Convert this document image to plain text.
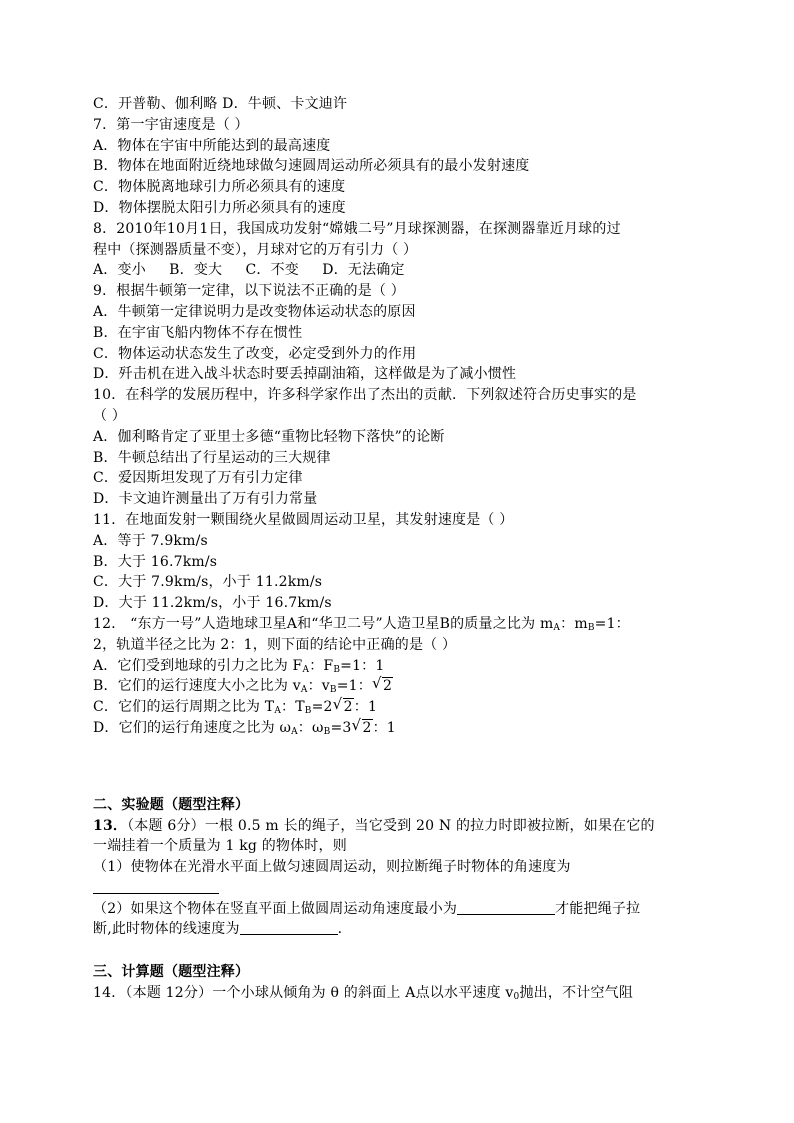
C．开普勒、伽利略 D．牛顿、卡文迪许
7．第一宇宙速度是（ ）
A．物体在宇宙中所能达到的最高速度
B．物体在地面附近绕地球做匀速圆周运动所必须具有的最小发射速度
C．物体脱离地球引力所必须具有的速度
D．物体摆脱太阳引力所必须具有的速度
8．2010年10月1日，我国成功发射“嫦娥二号”月球探测器，在探测器靠近月球的过
程中（探测器质量不变），月球对它的万有引力（ ）
A．变小     B．变大     C．不变     D．无法确定
9．根据牛顿第一定律，以下说法不正确的是（ ）
A．牛顿第一定律说明力是改变物体运动状态的原因
B．在宇宙飞船内物体不存在惯性
C．物体运动状态发生了改变，必定受到外力的作用
D．歼击机在进入战斗状态时要丢掉副油箱，这样做是为了减小惯性
10．在科学的发展历程中，许多科学家作出了杰出的贡献．下列叙述符合历史事实的是
（ ）
A．伽利略肯定了亚里士多德“重物比轻物下落快”的论断
B．牛顿总结出了行星运动的三大规律
C．爱因斯坦发现了万有引力定律
D．卡文迪许测量出了万有引力常量
11．在地面发射一颗围绕火星做圆周运动卫星，其发射速度是（ ）
A．等于 7.9km/s
B．大于 16.7km/s
C．大于 7.9km/s，小于 11.2km/s
D．大于 11.2km/s，小于 16.7km/s
12． “东方一号”人造地球卫星A和“华卫二号”人造卫星B的质量之比为 $m_A$：$m_B=1$：
2，轨道半径之比为 2：1，则下面的结论中正确的是（ ）
A．它们受到地球的引力之比为 $F_A$：$F_B=1$：1
B．它们的运行速度大小之比为 $v_A$：$v_B=1$： √ 2
C．它们的运行周期之比为 $T_A$：$T_B=2$ √ 2：1
D．它们的运行角速度之比为 $\omega_A$：$\omega_B=3$ √ 2：1
二、实验题（题型注释）
13．（本题 6分）一根 0.5 m 长的绳子，当它受到 20 N 的拉力时即被拉断，如果在它的
一端挂着一个质量为 1 kg 的物体时，则
（1）使物体在光滑水平面上做匀速圆周运动，则拉断绳子时物体的角速度为
（2）如果这个物体在竖直平面上做圆周运动角速度最小为	才能把绳子拉
断,此时物体的线速度为	.
三、计算题（题型注释）
14．（本题 12分）一个小球从倾角为 θ 的斜面上 A点以水平速度 $v_0$抛出，不计空气阻
